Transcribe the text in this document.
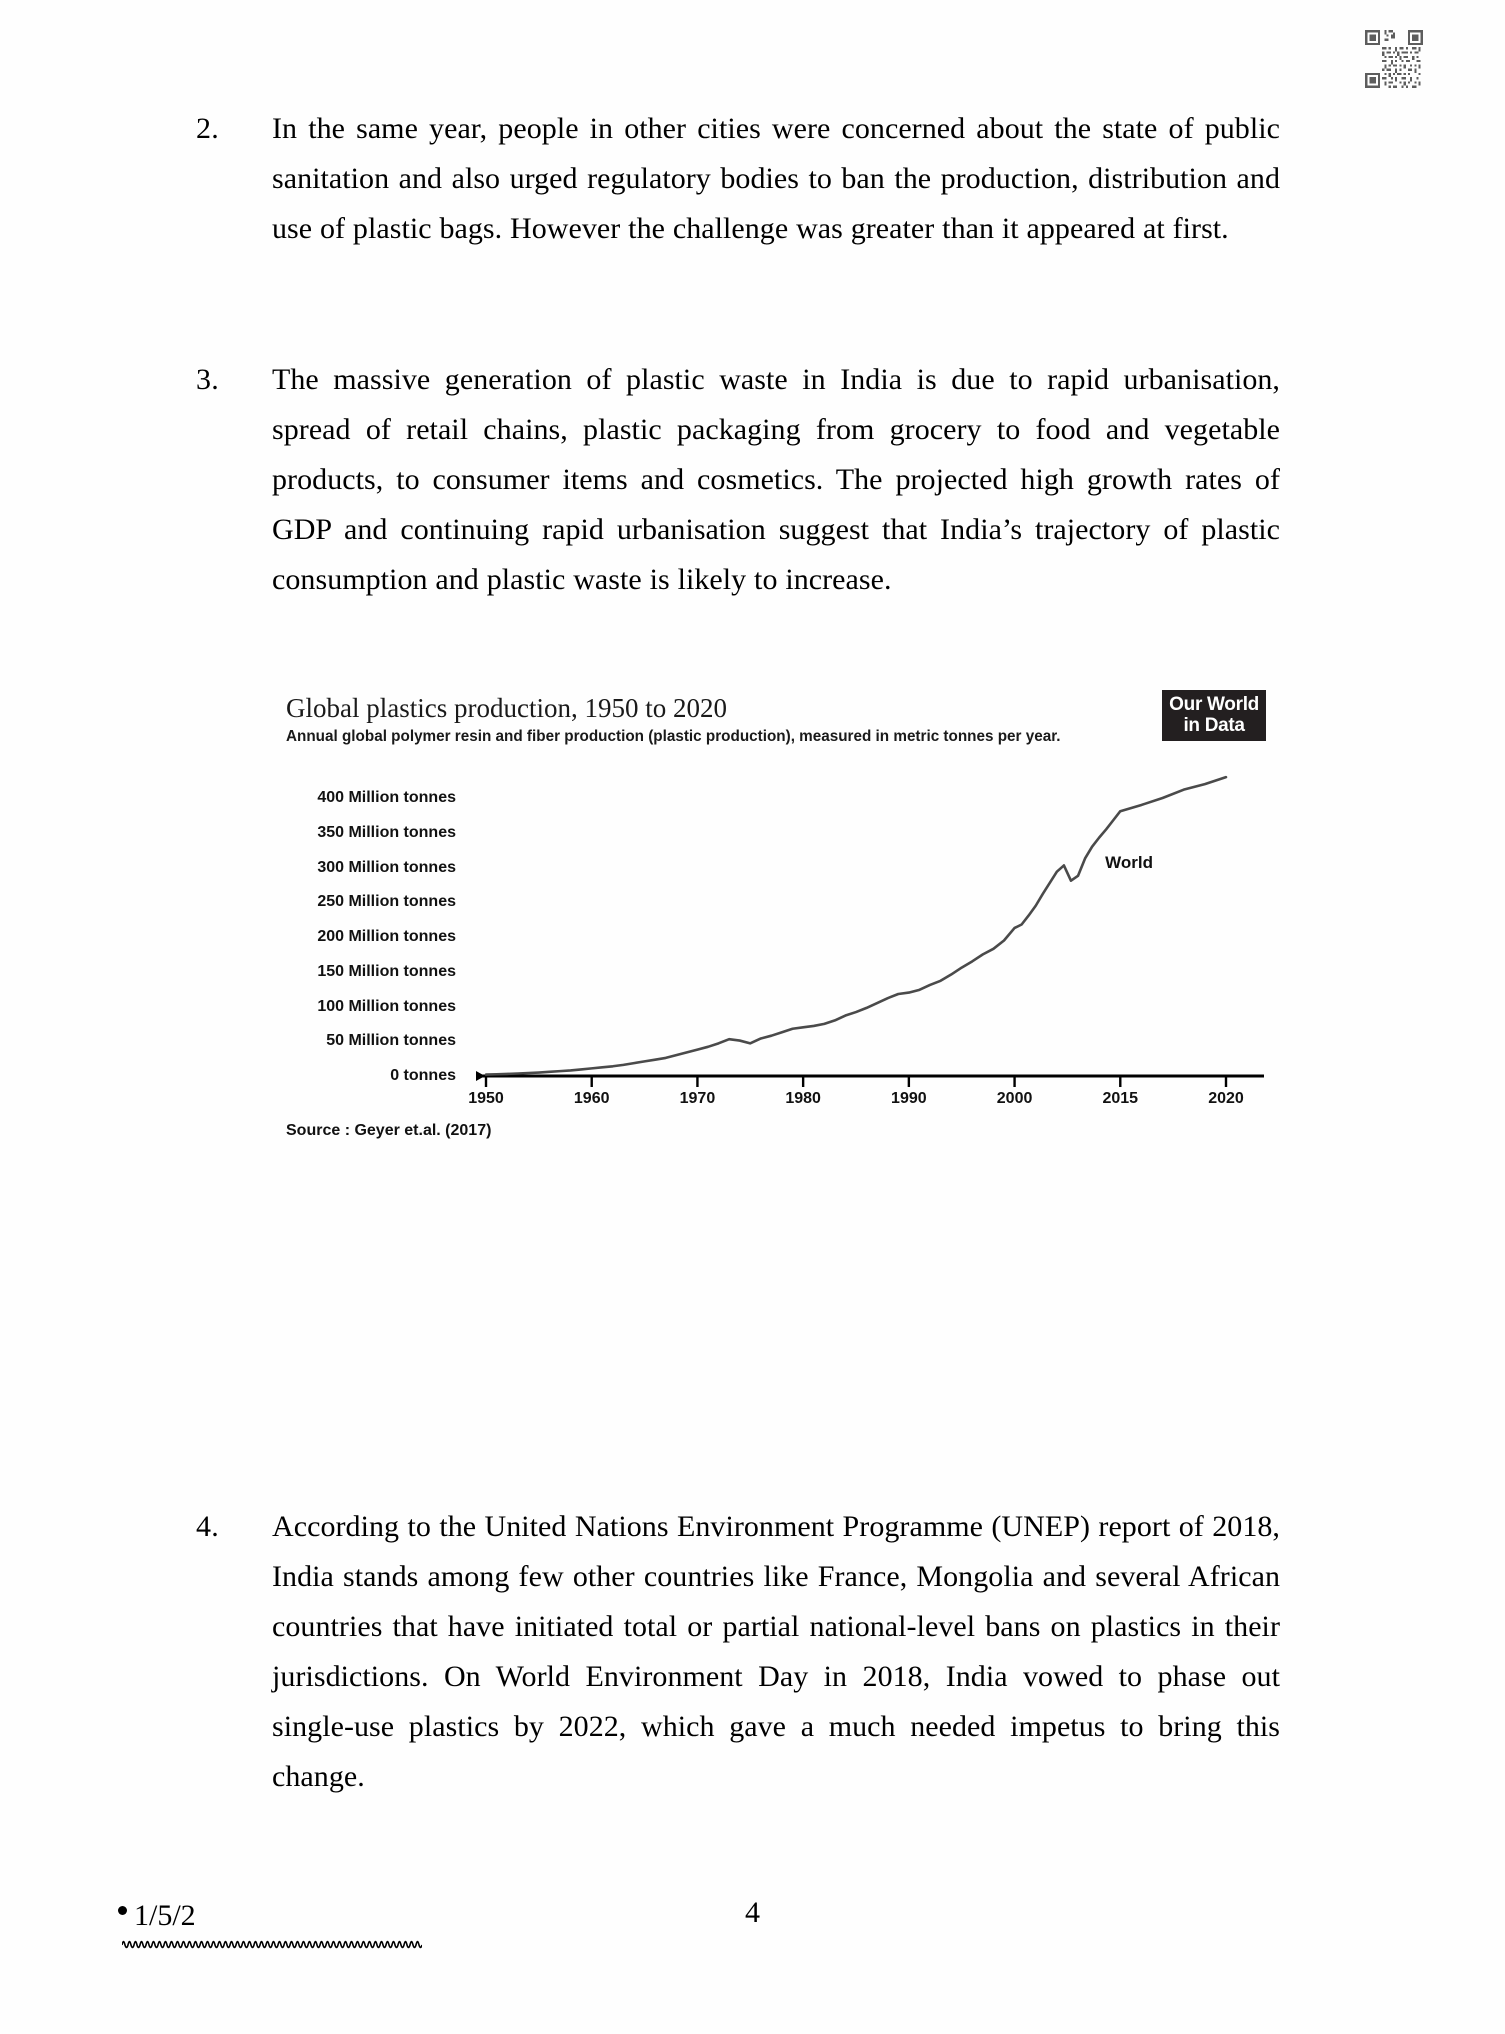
2.	In the same year, people in other cities were concerned about the state of public sanitation and also urged regulatory bodies to ban the production, distribution and use of plastic bags. However the challenge was greater than it appeared at first.
3.	The massive generation of plastic waste in India is due to rapid urbanisation, spread of retail chains, plastic packaging from grocery to food and vegetable products, to consumer items and cosmetics. The projected high growth rates of GDP and continuing rapid urbanisation suggest that India’s trajectory of plastic consumption and plastic waste is likely to increase.
Global plastics production, 1950 to 2020
Annual global polymer resin and fiber production (plastic production), measured in metric tonnes per year.
Our World
in Data
0 tonnes
50 Million tonnes
100 Million tonnes
150 Million tonnes
200 Million tonnes
250 Million tonnes
300 Million tonnes
350 Million tonnes
400 Million tonnes
1950	1960	1970	1980	1990	2000	2015	2020
World
Source : Geyer et.al. (2017)
4.	According to the United Nations Environment Programme (UNEP) report of 2018, India stands among few other countries like France, Mongolia and several African countries that have initiated total or partial national-level bans on plastics in their jurisdictions. On World Environment Day in 2018, India vowed to phase out single-use plastics by 2022, which gave a much needed impetus to bring this change.
1/5/2	4
